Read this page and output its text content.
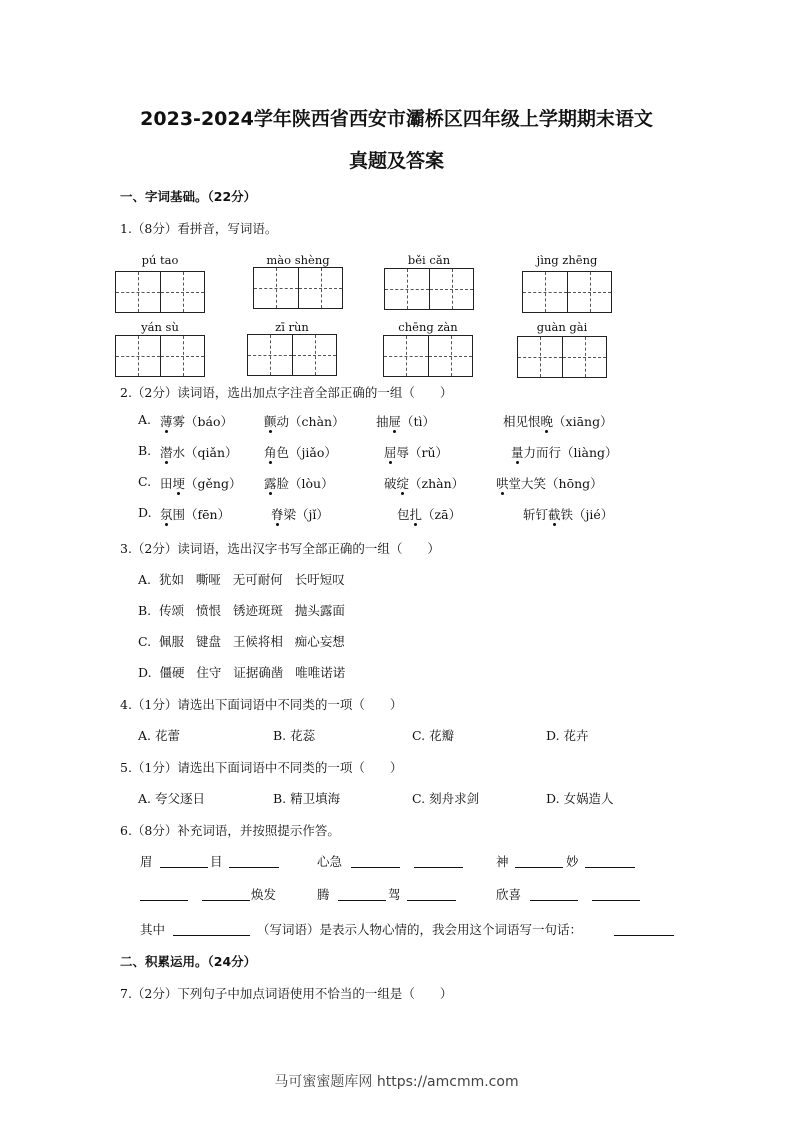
2023-2024学年陕西省西安市灞桥区四年级上学期期末语文
真题及答案
一、字词基础。（22分）
1.（8分）看拼音，写词语。
pú tao	mào shèng	běi cǎn	jìng zhēng
yán sù	zī rùn	chēng zàn	guàn gài
2.（2分）读词语，选出加点字注音全部正确的一组（　　）
A. 薄雾（báo） 颤动（chàn）	抽屉（tì）	相见恨晚（xiāng）
B. 潜水（qiǎn） 角色（jiǎo）	屈辱（rǔ）	量力而行（liàng）
C. 田埂（gěng） 露脸（lòu）	破绽（zhàn）	哄堂大笑（hōng）
D. 氛围（fēn）	脊梁（jǐ）	包扎（zā）	斩钉截铁（jié）
3.（2分）读词语，选出汉字书写全部正确的一组（　　）
A.  犹如   嘶哑   无可耐何   长吁短叹
B.  传颂   愤恨   锈迹斑斑   抛头露面
C.  佩服   键盘   王候将相   痴心妄想
D.  僵硬   住守   证据确凿   唯唯诺诺
4.（1分）请选出下面词语中不同类的一项（　　）
A. 花蕾	B. 花蕊	C. 花瓣	D. 花卉
5.（1分）请选出下面词语中不同类的一项（　　）
A. 夸父逐日	B. 精卫填海	C. 刻舟求剑	D. 女娲造人
6.（8分）补充词语，并按照提示作答。
眉	目	心急	神	妙
焕发	腾	驾	欣喜
其中	（写词语）是表示人物心情的，我会用这个词语写一句话：
二、积累运用。（24分）
7.（2分）下列句子中加点词语使用不恰当的一组是（　　）
马可蜜蜜题库网 https://amcmm.com
